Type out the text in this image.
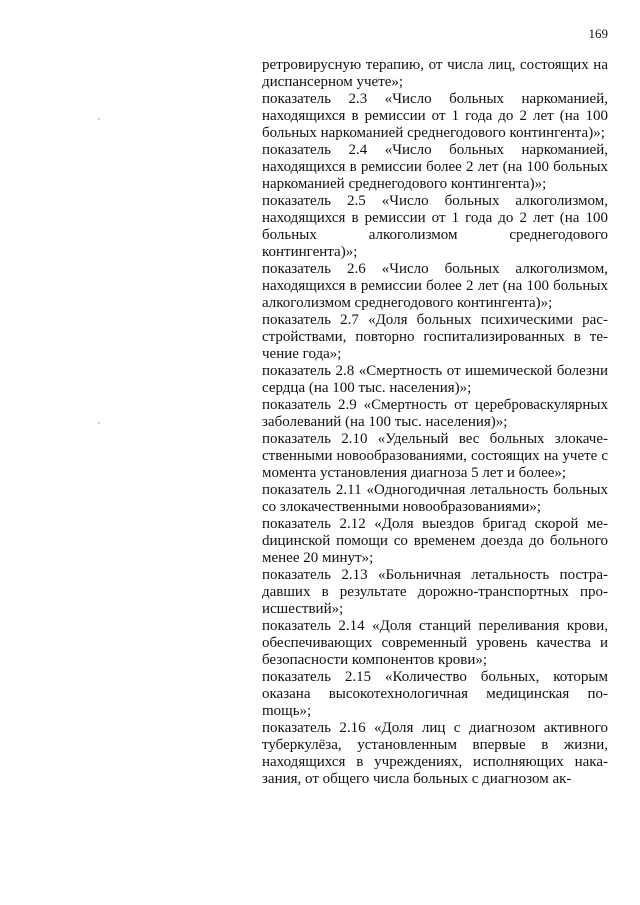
169

ретровирусную терапию, от числа лиц, состоящих на диспансерном учете»;

показатель 2.3 «Число больных наркоманией, находящихся в ремиссии от 1 года до 2 лет (на 100 больных наркоманией среднегодового контингента)»;

показатель 2.4 «Число больных наркоманией, находящихся в ремиссии более 2 лет (на 100 больных наркоманией среднегодового контингента)»;

показатель 2.5 «Число больных алкоголизмом, находящихся в ремиссии от 1 года до 2 лет (на 100 больных алкоголизмом среднегодового контингента)»;

показатель 2.6 «Число больных алкоголизмом, находящихся в ремиссии более 2 лет (на 100 больных алкоголизмом среднегодового контингента)»;

показатель 2.7 «Доля больных психическими расстройствами, повторно госпитализированных в течение года»;

показатель 2.8 «Смертность от ишемической болезни сердца (на 100 тыс. населения)»;

показатель 2.9 «Смертность от цереброваскулярных заболеваний (на 100 тыс. населения)»;

показатель 2.10 «Удельный вес больных злокачественными новообразованиями, состоящих на учете с момента установления диагноза 5 лет и более»;

показатель 2.11 «Одногодичная летальность больных со злокачественными новообразованиями»;

показатель 2.12 «Доля выездов бригад скорой меdицинской помощи со временем доезда до больного менее 20 минут»;

показатель 2.13 «Больничная летальность пострадавших в результате дорожно-транспортных происшествий»;

показатель 2.14 «Доля станций переливания крови, обеспечивающих современный уровень качества и безопасности компонентов крови»;

показатель 2.15 «Количество больных, которым оказана высокотехнологичная медицинская поmощь»;

показатель 2.16 «Доля лиц с диагнозом активного туберкулёза, установленным впервые в жизни, находящихся в учреждениях, исполняющих наказания, от общего числа больных с диагнозом ак-
